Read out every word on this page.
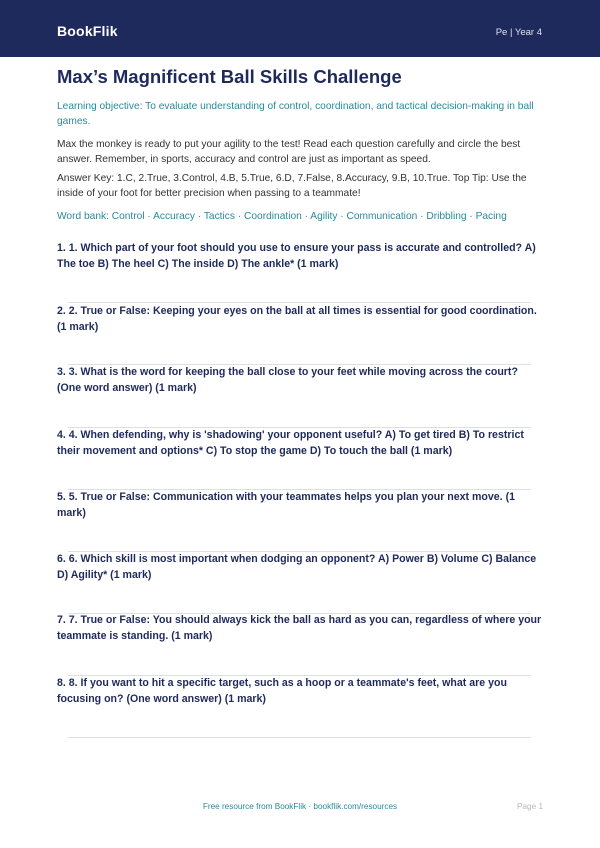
BookFlik	Pe | Year 4
Max’s Magnificent Ball Skills Challenge
Learning objective: To evaluate understanding of control, coordination, and tactical decision-making in ball games.
Max the monkey is ready to put your agility to the test! Read each question carefully and circle the best answer. Remember, in sports, accuracy and control are just as important as speed.
Answer Key: 1.C, 2.True, 3.Control, 4.B, 5.True, 6.D, 7.False, 8.Accuracy, 9.B, 10.True. Top Tip: Use the inside of your foot for better precision when passing to a teammate!
Word bank: Control · Accuracy · Tactics · Coordination · Agility · Communication · Dribbling · Pacing
1. 1. Which part of your foot should you use to ensure your pass is accurate and controlled? A) The toe B) The heel C) The inside D) The ankle* (1 mark)
2. 2. True or False: Keeping your eyes on the ball at all times is essential for good coordination. (1 mark)
3. 3. What is the word for keeping the ball close to your feet while moving across the court? (One word answer) (1 mark)
4. 4. When defending, why is 'shadowing' your opponent useful? A) To get tired B) To restrict their movement and options* C) To stop the game D) To touch the ball (1 mark)
5. 5. True or False: Communication with your teammates helps you plan your next move. (1 mark)
6. 6. Which skill is most important when dodging an opponent? A) Power B) Volume C) Balance D) Agility* (1 mark)
7. 7. True or False: You should always kick the ball as hard as you can, regardless of where your teammate is standing. (1 mark)
8. 8. If you want to hit a specific target, such as a hoop or a teammate's feet, what are you focusing on? (One word answer) (1 mark)
Free resource from BookFlik · bookflik.com/resources	Page 1
